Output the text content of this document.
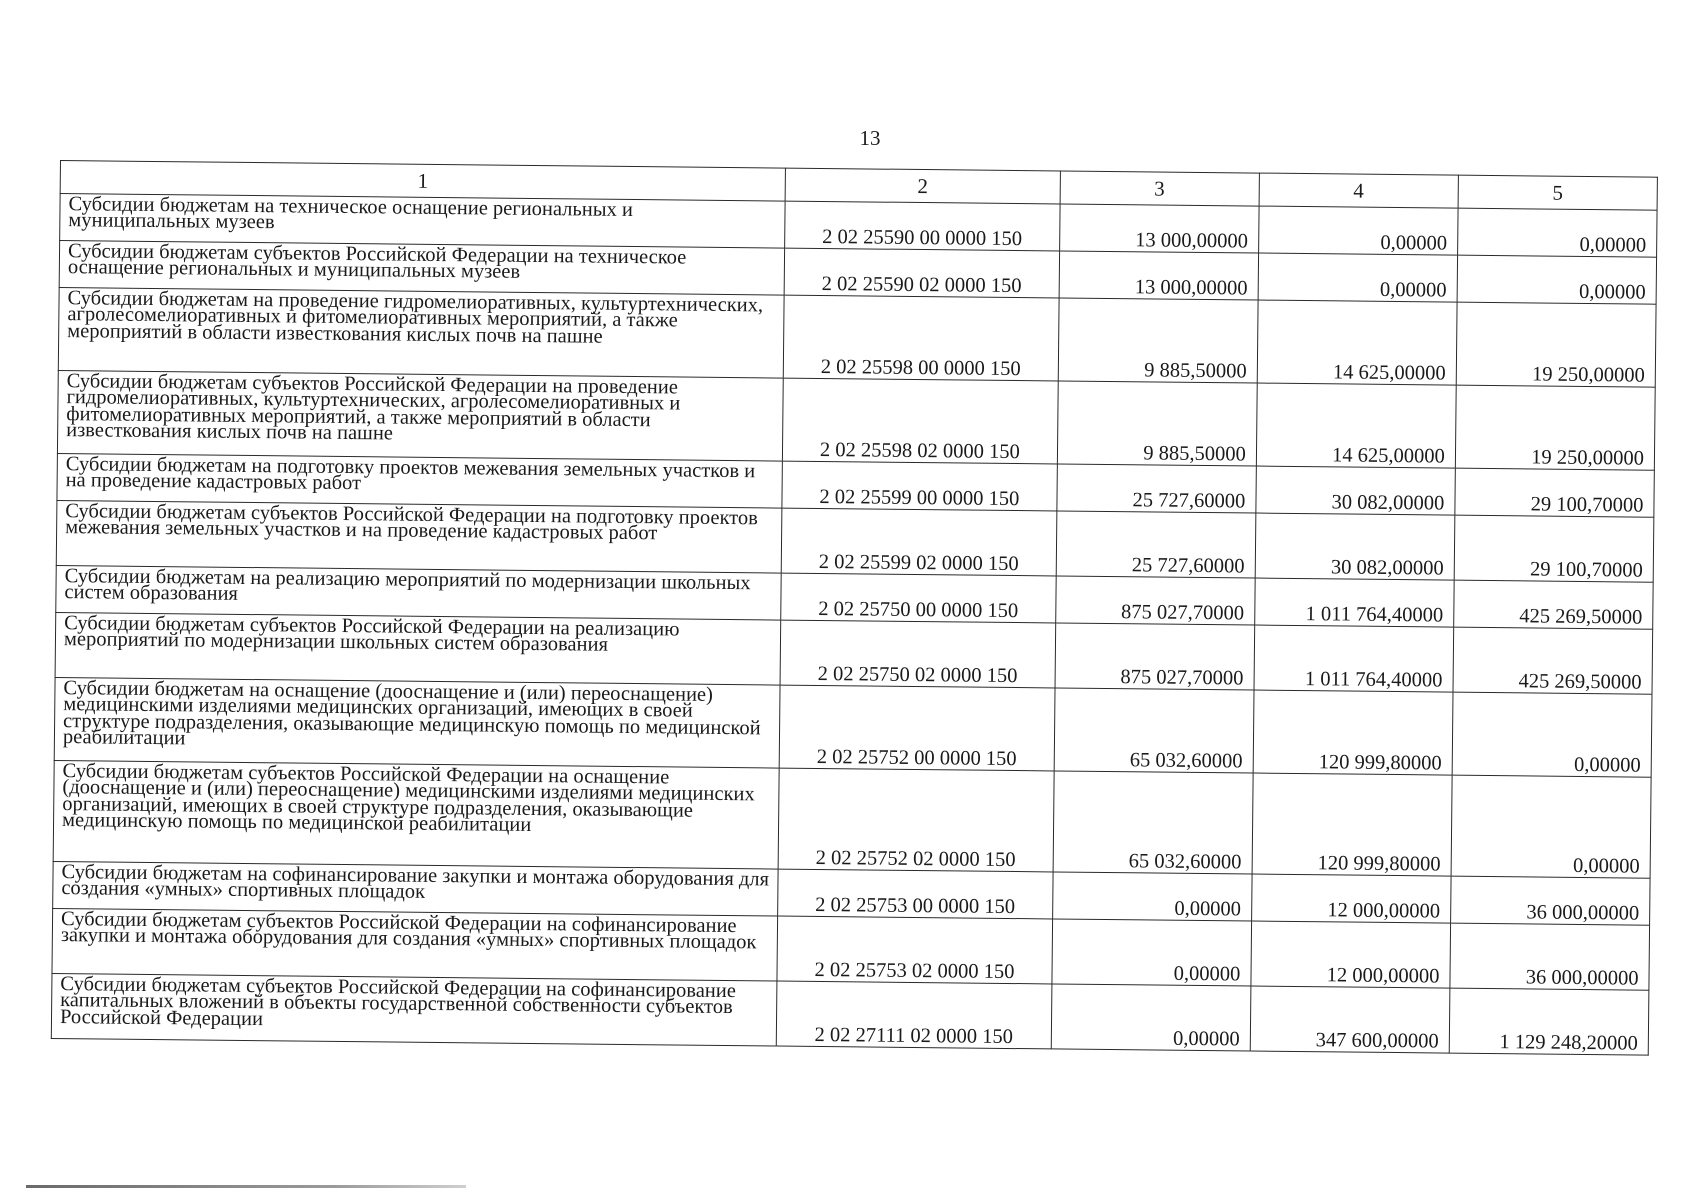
13
1	2	3	4	5
Субсидии бюджетам на техническое оснащение региональных и муниципальных музеев	2 02 25590 00 0000 150	13 000,00000	0,00000	0,00000
Субсидии бюджетам субъектов Российской Федерации на техническое оснащение региональных и муниципальных музеев	2 02 25590 02 0000 150	13 000,00000	0,00000	0,00000
Субсидии бюджетам на проведение гидромелиоративных, культуртехнических, агролесомелиоративных и фитомелиоративных мероприятий, а также мероприятий в области известкования кислых почв на пашне	2 02 25598 00 0000 150	9 885,50000	14 625,00000	19 250,00000
Субсидии бюджетам субъектов Российской Федерации на проведение гидромелиоративных, культуртехнических, агролесомелиоративных и фитомелиоративных мероприятий, а также мероприятий в области известкования кислых почв на пашне	2 02 25598 02 0000 150	9 885,50000	14 625,00000	19 250,00000
Субсидии бюджетам на подготовку проектов межевания земельных участков и на проведение кадастровых работ	2 02 25599 00 0000 150	25 727,60000	30 082,00000	29 100,70000
Субсидии бюджетам субъектов Российской Федерации на подготовку проектов межевания земельных участков и на проведение кадастровых работ	2 02 25599 02 0000 150	25 727,60000	30 082,00000	29 100,70000
Субсидии бюджетам на реализацию мероприятий по модернизации школьных систем образования	2 02 25750 00 0000 150	875 027,70000	1 011 764,40000	425 269,50000
Субсидии бюджетам субъектов Российской Федерации на реализацию мероприятий по модернизации школьных систем образования	2 02 25750 02 0000 150	875 027,70000	1 011 764,40000	425 269,50000
Субсидии бюджетам на оснащение (дооснащение и (или) переоснащение) медицинскими изделиями медицинских организаций, имеющих в своей структуре подразделения, оказывающие медицинскую помощь по медицинской реабилитации	2 02 25752 00 0000 150	65 032,60000	120 999,80000	0,00000
Субсидии бюджетам субъектов Российской Федерации на оснащение (дооснащение и (или) переоснащение) медицинскими изделиями медицинских организаций, имеющих в своей структуре подразделения, оказывающие медицинскую помощь по медицинской реабилитации	2 02 25752 02 0000 150	65 032,60000	120 999,80000	0,00000
Субсидии бюджетам на софинансирование закупки и монтажа оборудования для создания «умных» спортивных площадок	2 02 25753 00 0000 150	0,00000	12 000,00000	36 000,00000
Субсидии бюджетам субъектов Российской Федерации на софинансирование закупки и монтажа оборудования для создания «умных» спортивных площадок	2 02 25753 02 0000 150	0,00000	12 000,00000	36 000,00000
Субсидии бюджетам субъектов Российской Федерации на софинансирование капитальных вложений в объекты государственной собственности субъектов Российской Федерации	2 02 27111 02 0000 150	0,00000	347 600,00000	1 129 248,20000
